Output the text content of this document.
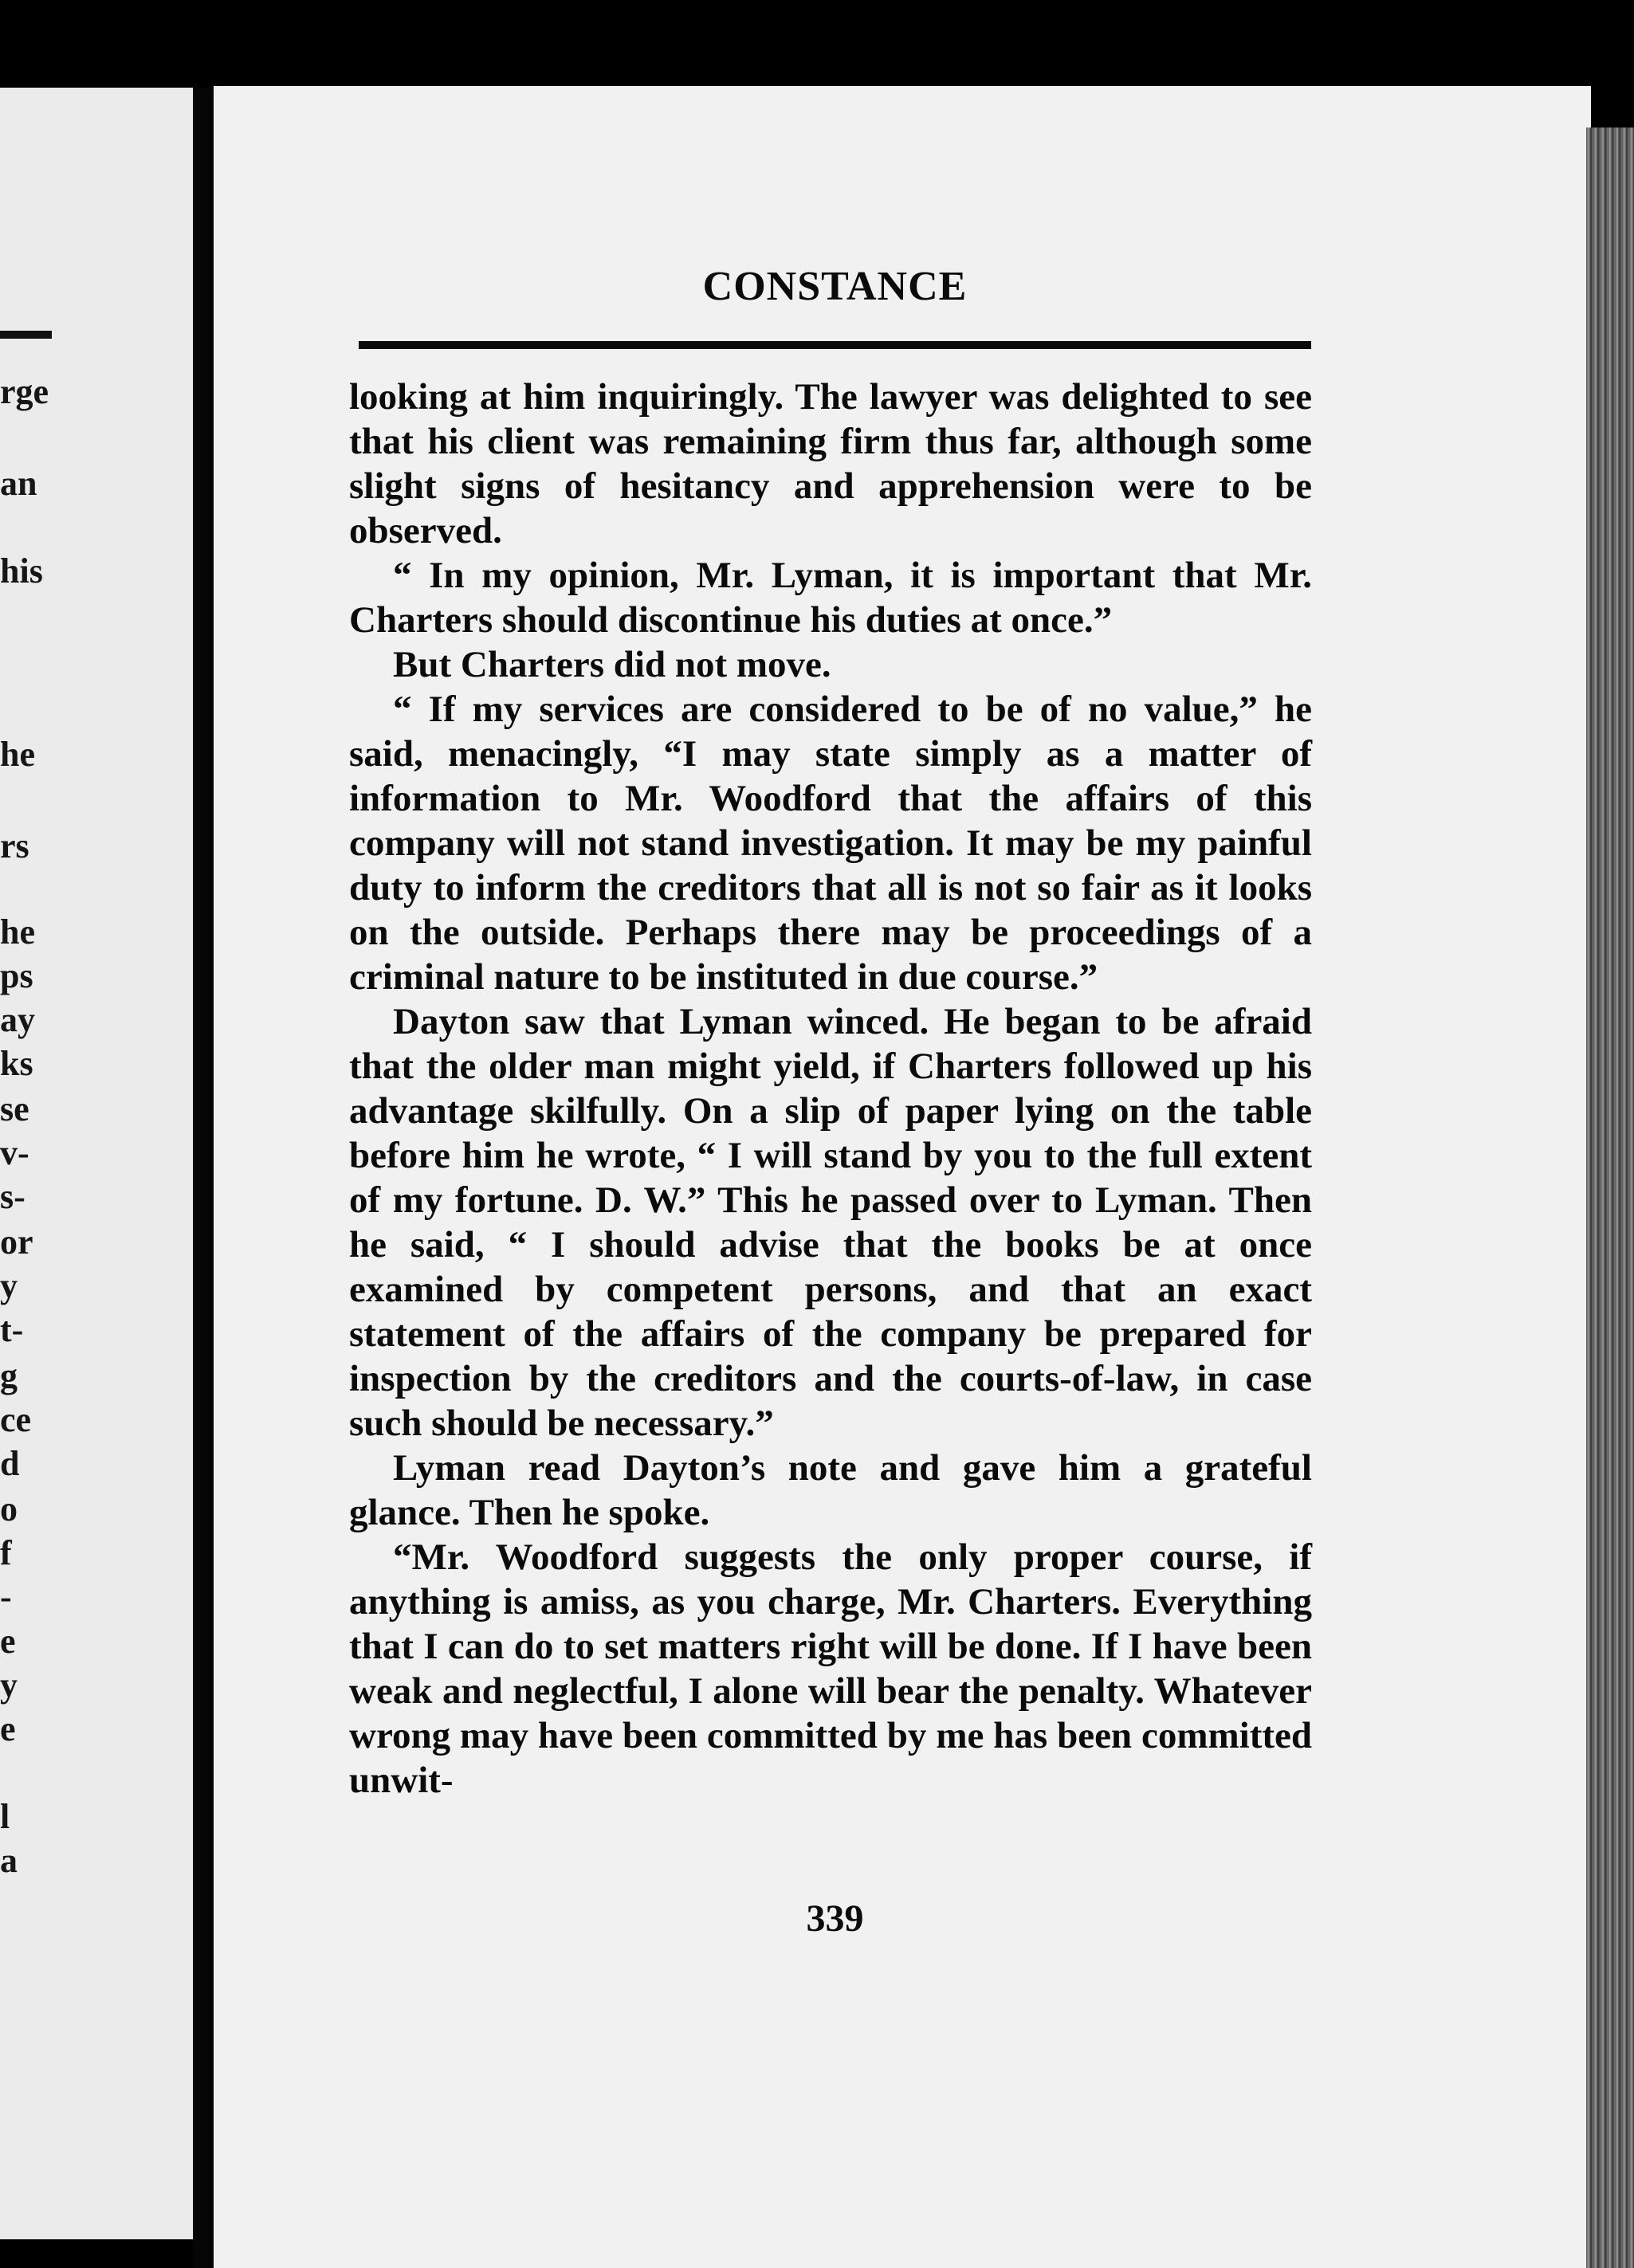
rge
an
his
he
rs
he
ps
ay
ks
se
v-
s-
or
y
t-
g
ce
d
o
f
-
e
y
e
l
a
CONSTANCE

looking at him inquiringly. The lawyer was delighted to see that his client was remaining firm thus far, although some slight signs of hesitancy and apprehension were to be observed.

“ In my opinion, Mr. Lyman, it is important that Mr. Charters should discontinue his duties at once.”

But Charters did not move.

“ If my services are considered to be of no value,” he said, menacingly, “I may state simply as a matter of information to Mr. Woodford that the affairs of this company will not stand investigation. It may be my painful duty to inform the creditors that all is not so fair as it looks on the outside. Perhaps there may be proceedings of a criminal nature to be instituted in due course.”

Dayton saw that Lyman winced. He began to be afraid that the older man might yield, if Charters followed up his advantage skilfully. On a slip of paper lying on the table before him he wrote, “ I will stand by you to the full extent of my fortune. D. W.” This he passed over to Lyman. Then he said, “ I should advise that the books be at once examined by competent persons, and that an exact statement of the affairs of the company be prepared for inspection by the creditors and the courts-of-law, in case such should be necessary.”

Lyman read Dayton’s note and gave him a grateful glance. Then he spoke.

“Mr. Woodford suggests the only proper course, if anything is amiss, as you charge, Mr. Charters. Everything that I can do to set matters right will be done. If I have been weak and neglectful, I alone will bear the penalty. Whatever wrong may have been committed by me has been committed unwit-

339
